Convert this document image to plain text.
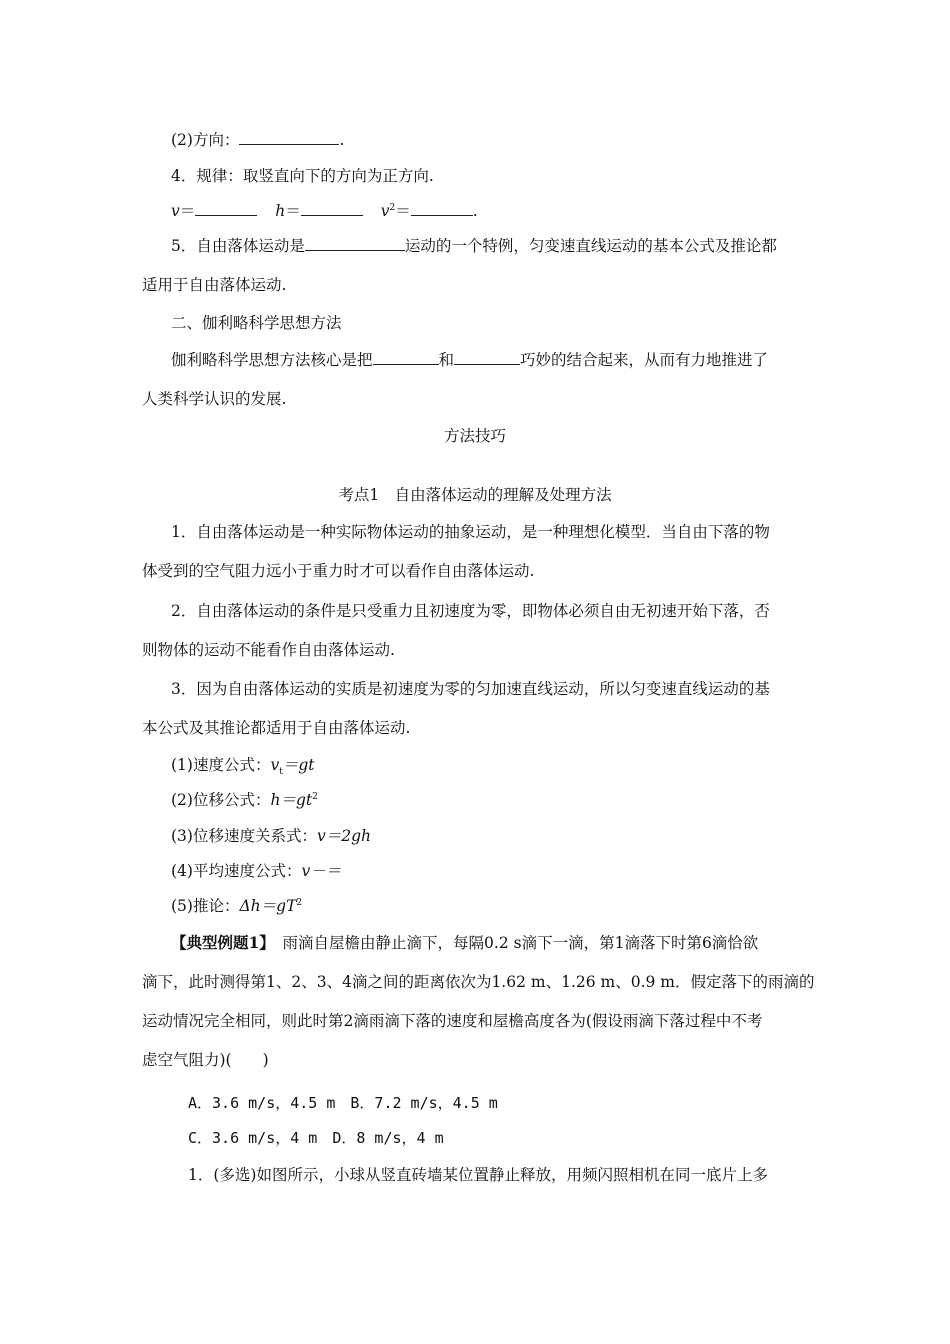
(2)方向：	.
4．规律：取竖直向下的方向为正方向.
v＝	h＝	$v^2=$	.
5．自由落体运动是	运动的一个特例，匀变速直线运动的基本公式及推论都
适用于自由落体运动.
二、伽利略科学思想方法
伽利略科学思想方法核心是把	和	巧妙的结合起来，从而有力地推进了
人类科学认识的发展.
方法技巧
考点1　自由落体运动的理解及处理方法
1．自由落体运动是一种实际物体运动的抽象运动，是一种理想化模型．当自由下落的物
体受到的空气阻力远小于重力时才可以看作自由落体运动.
2．自由落体运动的条件是只受重力且初速度为零，即物体必须自由无初速开始下落，否
则物体的运动不能看作自由落体运动.
3．因为自由落体运动的实质是初速度为零的匀加速直线运动，所以匀变速直线运动的基
本公式及其推论都适用于自由落体运动.
(1)速度公式：$v_t=gt$
(2)位移公式：$h=gt^2$
(3)位移速度关系式：v＝2gh
(4)平均速度公式：v－＝
(5)推论：$\Delta h=gT^2$
【典型例题1】　雨滴自屋檐由静止滴下，每隔0.2 s滴下一滴，第1滴落下时第6滴恰欲
滴下，此时测得第1、2、3、4滴之间的距离依次为1.62 m、1.26 m、0.9 m．假定落下的雨滴的
运动情况完全相同，则此时第2滴雨滴下落的速度和屋檐高度各为(假设雨滴下落过程中不考
虑空气阻力)(　　)
A．3.6 m/s，4.5 m　B．7.2 m/s，4.5 m
C．3.6 m/s，4 m　D．8 m/s，4 m
1．(多选)如图所示，小球从竖直砖墙某位置静止释放，用频闪照相机在同一底片上多
